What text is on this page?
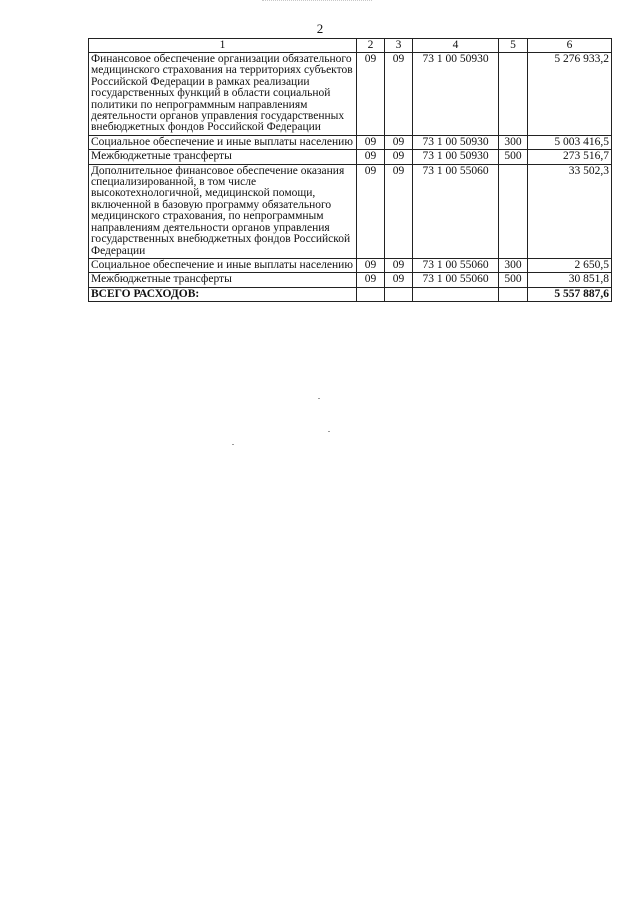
2
1	2	3	4	5	6
Финансовое обеспечение организации обязательного медицинского страхования на территориях субъектов Российской Федерации в рамках реализации государственных функций в области социальной политики по непрограммным направлениям деятельности органов управления государственных внебюджетных фондов Российской Федерации	09	09	73 1 00 50930		5 276 933,2
Социальное обеспечение и иные выплаты населению	09	09	73 1 00 50930	300	5 003 416,5
Межбюджетные трансферты	09	09	73 1 00 50930	500	273 516,7
Дополнительное финансовое обеспечение оказания специализированной, в том числе высокотехнологичной, медицинской помощи, включенной в базовую программу обязательного медицинского страхования, по непрограммным направлениям деятельности органов управления государственных внебюджетных фондов Российской Федерации	09	09	73 1 00 55060		33 502,3
Социальное обеспечение и иные выплаты населению	09	09	73 1 00 55060	300	2 650,5
Межбюджетные трансферты	09	09	73 1 00 55060	500	30 851,8
ВСЕГО РАСХОДОВ:					5 557 887,6
